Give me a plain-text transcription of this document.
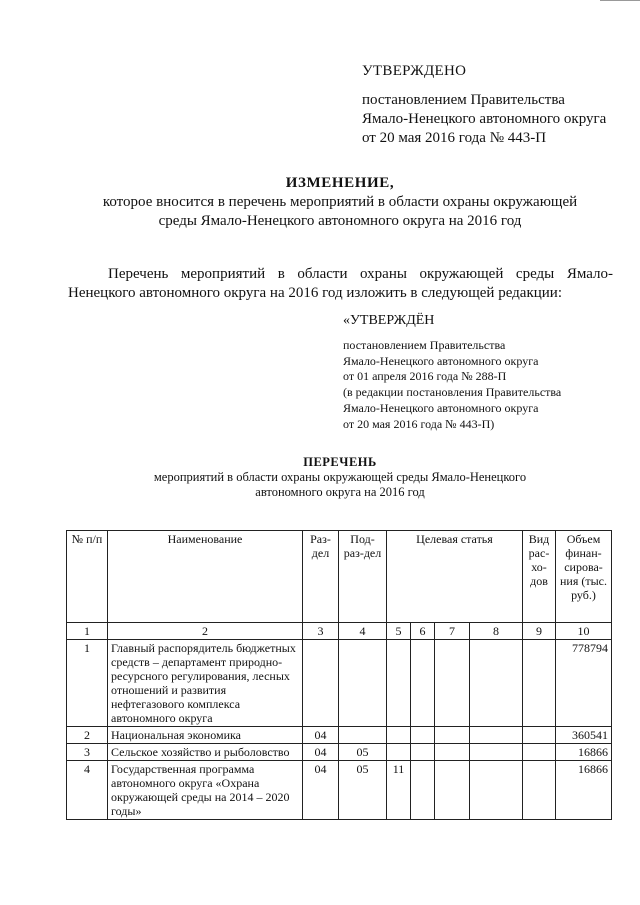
УТВЕРЖДЕНО
постановлением Правительства
Ямало-Ненецкого автономного округа
от 20 мая 2016 года № 443-П
ИЗМЕНЕНИЕ,
которое вносится в перечень мероприятий в области охраны окружающей
среды Ямало-Ненецкого автономного округа на 2016 год
Перечень мероприятий в области охраны окружающей среды Ямало-Ненецкого автономного округа на 2016 год изложить в следующей редакции:
«УТВЕРЖДЁН
постановлением Правительства
Ямало-Ненецкого автономного округа
от 01 апреля 2016 года № 288-П
(в редакции постановления Правительства
Ямало-Ненецкого автономного округа
от 20 мая 2016 года № 443-П)
ПЕРЕЧЕНЬ
мероприятий в области охраны окружающей среды Ямало-Ненецкого
автономного округа на 2016 год
№ п/п	Наименование	Раз-дел	Под-раз-дел	Целевая статья				Вид рас-хо-дов	Объем финан-сирова-ния (тыс. руб.)
1	2	3	4	5	6	7	8	9	10
1	Главный распорядитель бюджетных средств – департамент природно-ресурсного регулирования, лесных отношений и развития нефтегазового комплекса автономного округа								778794
2	Национальная экономика	04							360541
3	Сельское хозяйство и рыболовство	04	05						16866
4	Государственная программа автономного округа «Охрана окружающей среды на 2014 – 2020 годы»	04	05	11					16866
